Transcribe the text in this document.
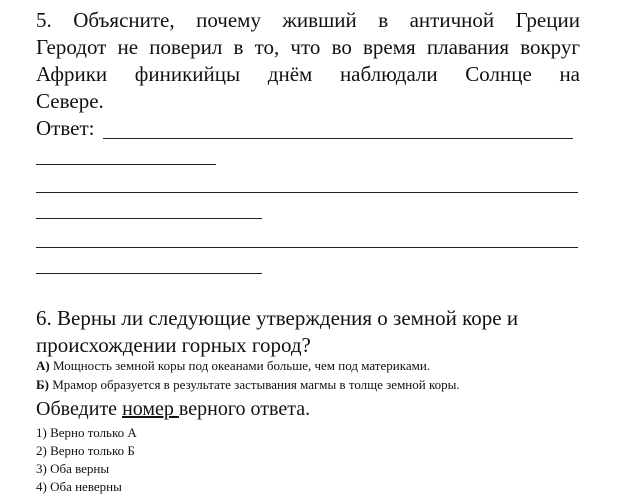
5. Объясните, почему живший в античной Греции
Геродот не поверил в то, что во время плавания вокруг
Африки финикийцы днём наблюдали Солнце на
Севере.
Ответ:
6. Верны ли следующие утверждения о земной коре и
происхождении горных город?
А) Мощность земной коры под океанами больше, чем под материками.
Б) Мрамор образуется в результате застывания магмы в толще земной коры.
Обведите номер верного ответа.
1) Верно только А
2) Верно только Б
3) Оба верны
4) Оба неверны
